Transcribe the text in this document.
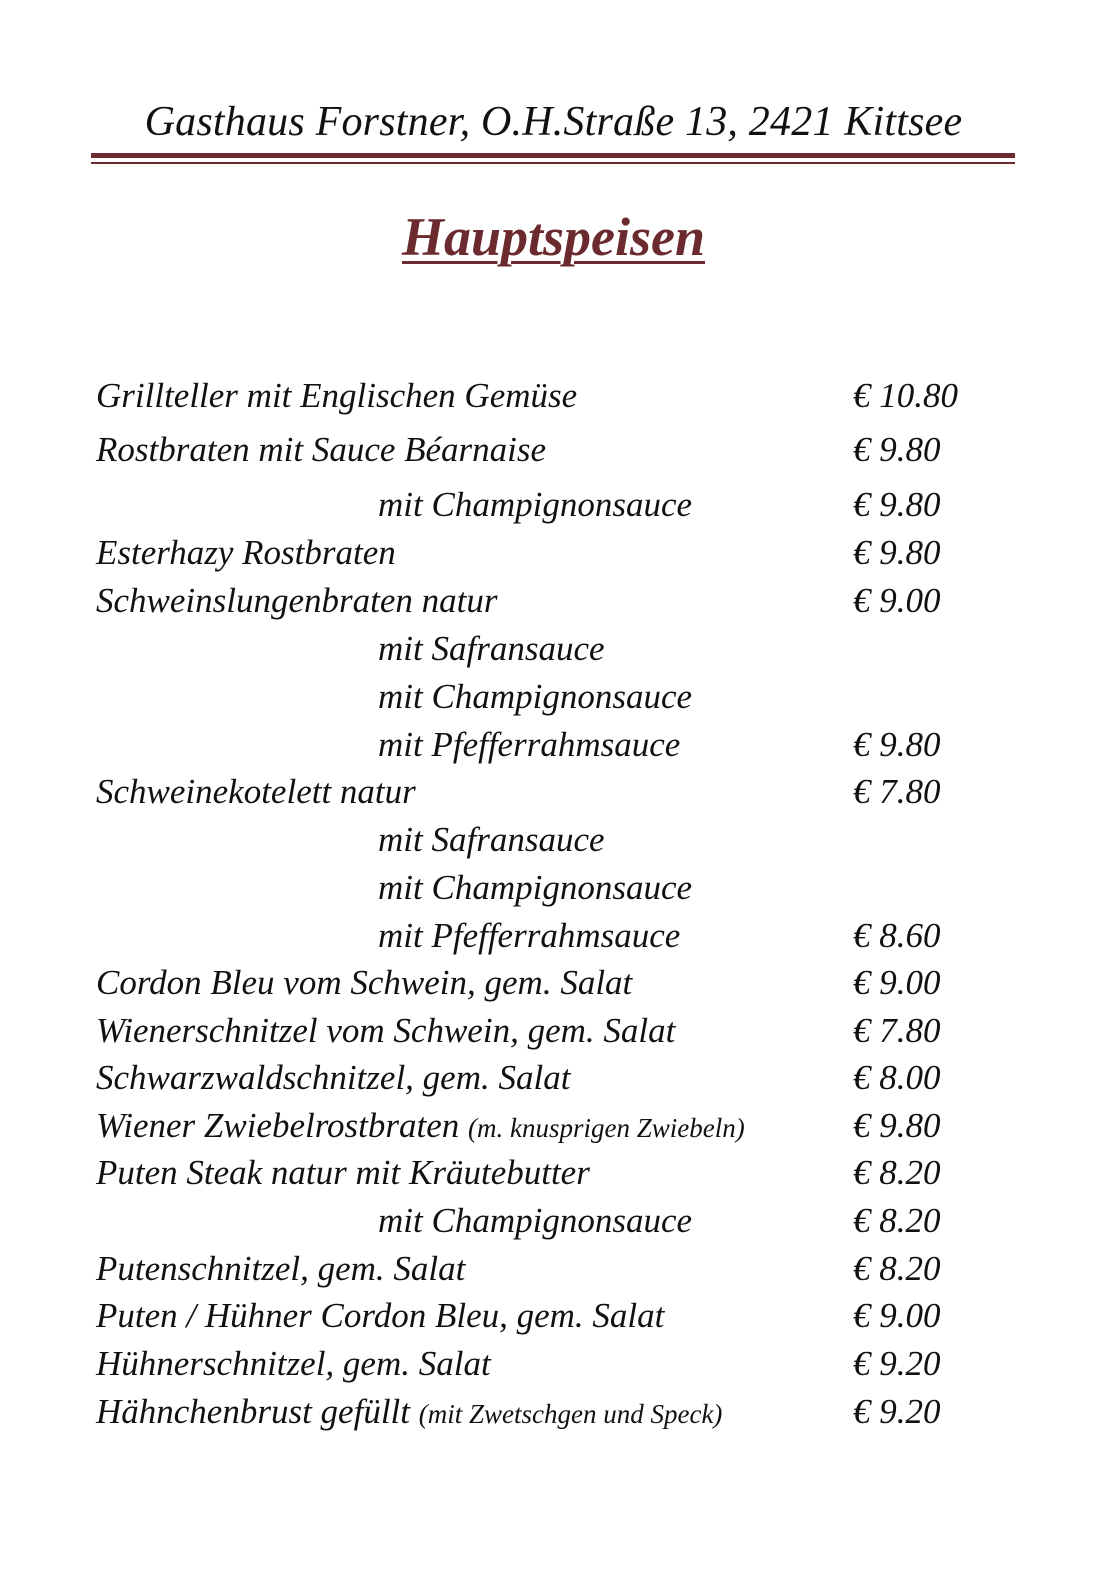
Gasthaus Forstner, O.H.Straße 13, 2421 Kittsee
Hauptspeisen
Grillteller mit Englischen Gemüse	€ 10.80
Rostbraten mit Sauce Béarnaise	€ 9.80
mit Champignonsauce	€ 9.80
Esterhazy Rostbraten	€ 9.80
Schweinslungenbraten natur	€ 9.00
mit Safransauce
mit Champignonsauce
mit Pfefferrahmsauce	€ 9.80
Schweinekotelett natur	€ 7.80
mit Safransauce
mit Champignonsauce
mit Pfefferrahmsauce	€ 8.60
Cordon Bleu vom Schwein, gem. Salat	€ 9.00
Wienerschnitzel vom Schwein, gem. Salat	€ 7.80
Schwarzwaldschnitzel, gem. Salat	€ 8.00
Wiener Zwiebelrostbraten (m. knusprigen Zwiebeln)	€ 9.80
Puten Steak natur mit Kräutebutter	€ 8.20
mit Champignonsauce	€ 8.20
Putenschnitzel, gem. Salat	€ 8.20
Puten / Hühner Cordon Bleu, gem. Salat	€ 9.00
Hühnerschnitzel, gem. Salat	€ 9.20
Hähnchenbrust gefüllt (mit Zwetschgen und Speck)	€ 9.20
